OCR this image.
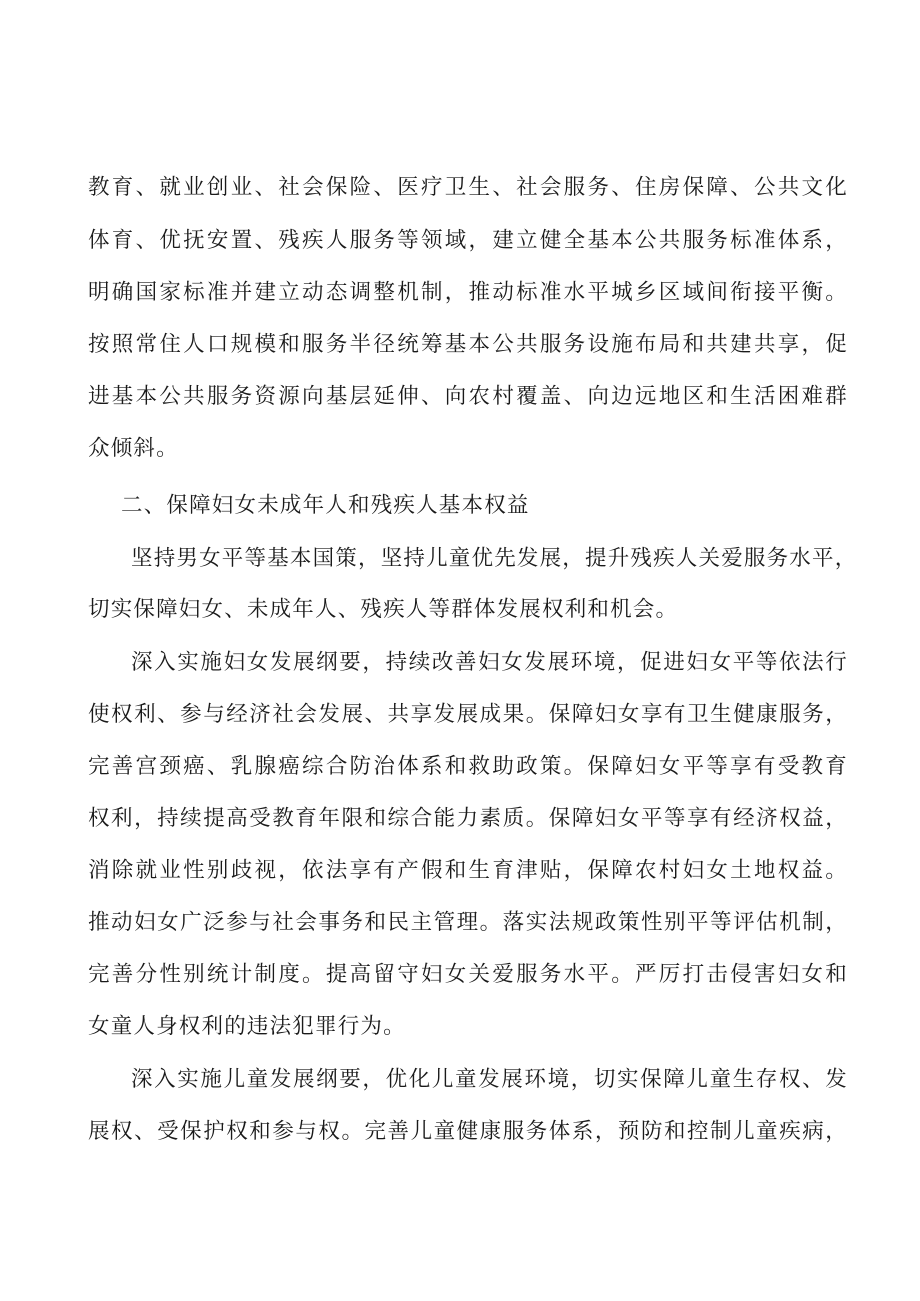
教育、就业创业、社会保险、医疗卫生、社会服务、住房保障、公共文化
体育、优抚安置、残疾人服务等领域，建立健全基本公共服务标准体系，
明确国家标准并建立动态调整机制，推动标准水平城乡区域间衔接平衡。
按照常住人口规模和服务半径统筹基本公共服务设施布局和共建共享，促
进基本公共服务资源向基层延伸、向农村覆盖、向边远地区和生活困难群
众倾斜。
二、保障妇女未成年人和残疾人基本权益
坚持男女平等基本国策，坚持儿童优先发展，提升残疾人关爱服务水平，
切实保障妇女、未成年人、残疾人等群体发展权利和机会。
深入实施妇女发展纲要，持续改善妇女发展环境，促进妇女平等依法行
使权利、参与经济社会发展、共享发展成果。保障妇女享有卫生健康服务，
完善宫颈癌、乳腺癌综合防治体系和救助政策。保障妇女平等享有受教育
权利，持续提高受教育年限和综合能力素质。保障妇女平等享有经济权益，
消除就业性别歧视，依法享有产假和生育津贴，保障农村妇女土地权益。
推动妇女广泛参与社会事务和民主管理。落实法规政策性别平等评估机制，
完善分性别统计制度。提高留守妇女关爱服务水平。严厉打击侵害妇女和
女童人身权利的违法犯罪行为。
深入实施儿童发展纲要，优化儿童发展环境，切实保障儿童生存权、发
展权、受保护权和参与权。完善儿童健康服务体系，预防和控制儿童疾病，
